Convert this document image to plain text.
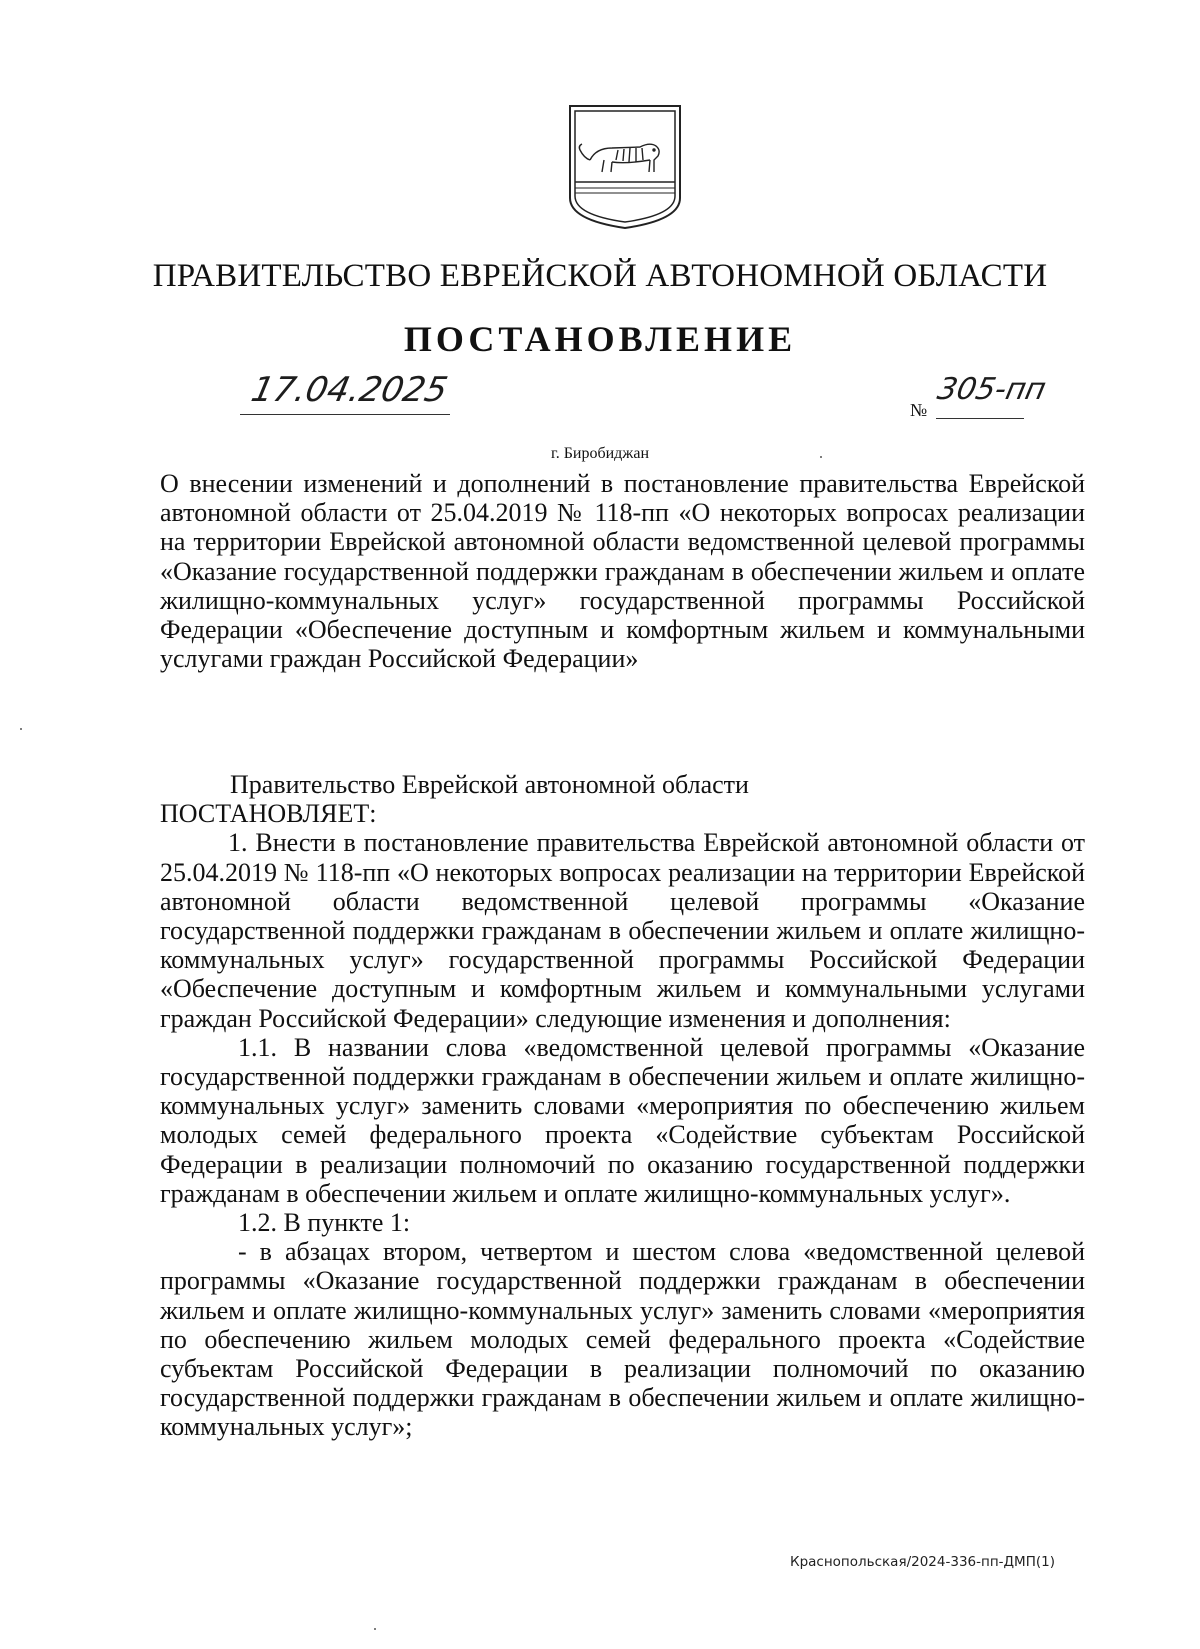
ПРАВИТЕЛЬСТВО ЕВРЕЙСКОЙ АВТОНОМНОЙ ОБЛАСТИ
ПОСТАНОВЛЕНИЕ
17.04.2025	№
305-пп
г. Биробиджан

О внесении изменений и дополнений в постановление правительства Еврейской автономной области от 25.04.2019 № 118-пп «О некоторых вопросах реализации на территории Еврейской автономной области ведомственной целевой программы «Оказание государственной поддержки гражданам в обеспечении жильем и оплате жилищно-коммунальных услуг» государственной программы Российской Федерации «Обеспечение доступным и комфортным жильем и коммунальными услугами граждан Российской Федерации»

Правительство Еврейской автономной области

ПОСТАНОВЛЯЕТ:

1. Внести в постановление правительства Еврейской автономной области от 25.04.2019 № 118-пп «О некоторых вопросах реализации на территории Еврейской автономной области ведомственной целевой программы «Оказание государственной поддержки гражданам в обеспечении жильем и оплате жилищно-коммунальных услуг» государственной программы Российской Федерации «Обеспечение доступным и комфортным жильем и коммунальными услугами граждан Российской Федерации» следующие изменения и дополнения:

1.1. В названии слова «ведомственной целевой программы «Оказание государственной поддержки гражданам в обеспечении жильем и оплате жилищно-коммунальных услуг» заменить словами «мероприятия по обеспечению жильем молодых семей федерального проекта «Содействие субъектам Российской Федерации в реализации полномочий по оказанию государственной поддержки гражданам в обеспечении жильем и оплате жилищно-коммунальных услуг».

1.2. В пункте 1:

- в абзацах втором, четвертом и шестом слова «ведомственной целевой программы «Оказание государственной поддержки гражданам в обеспечении жильем и оплате жилищно-коммунальных услуг» заменить словами «мероприятия по обеспечению жильем молодых семей федерального проекта «Содействие субъектам Российской Федерации в реализации полномочий по оказанию государственной поддержки гражданам в обеспечении жильем и оплате жилищно-коммунальных услуг»;

Краснопольская/2024-336-пп-ДМП(1)
